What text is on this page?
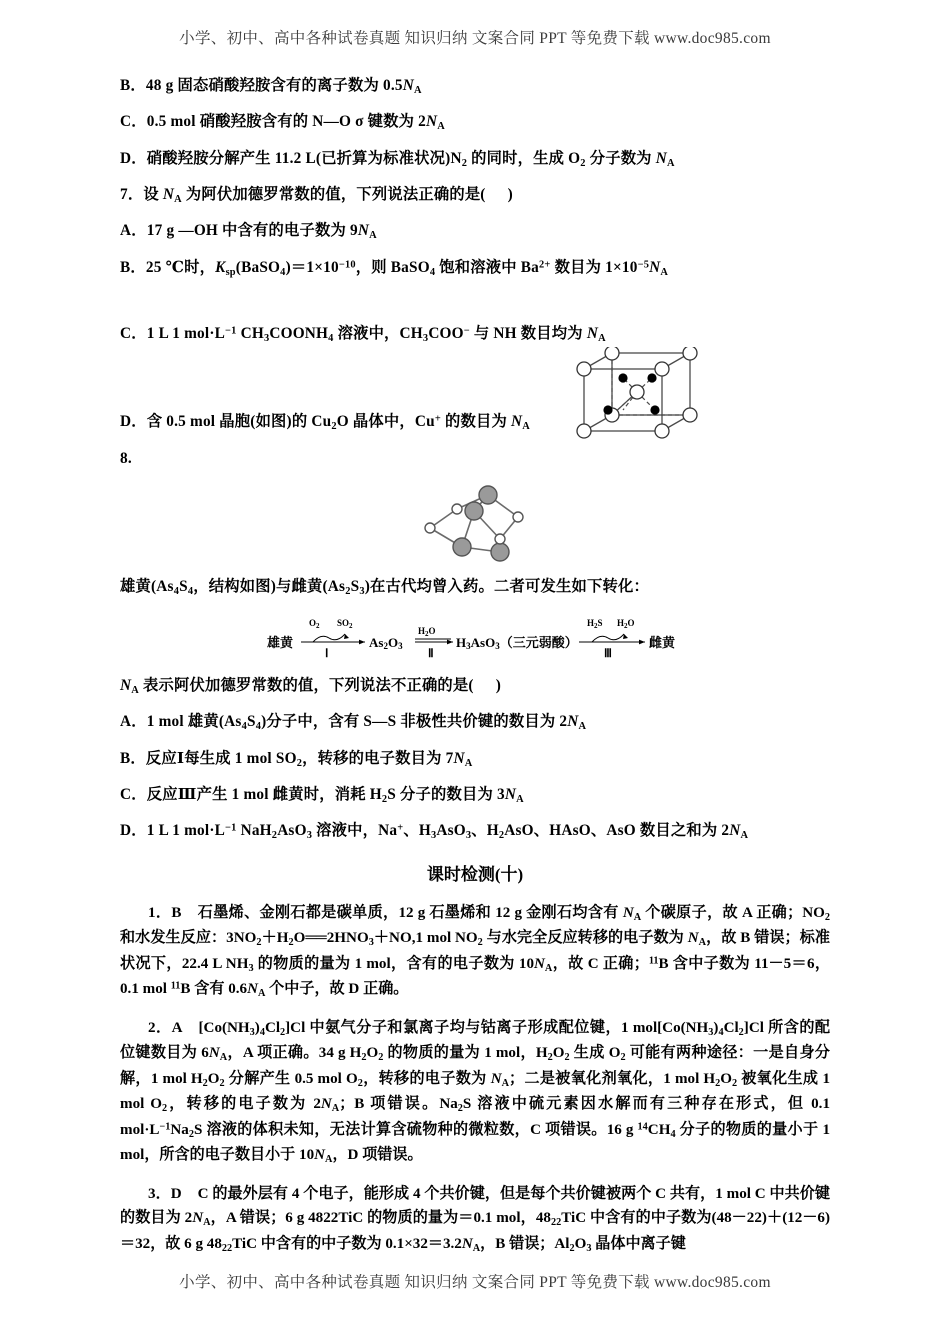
小学、初中、高中各种试卷真题 知识归纳 文案合同 PPT 等免费下载 www.doc985.com

B．48 g 固态硝酸羟胺含有的离子数为 $0.5N_A$

C．0.5 mol 硝酸羟胺含有的 N—O σ 键数为 $2N_A$

D．硝酸羟胺分解产生 11.2 L(已折算为标准状况)$N_2$ 的同时，生成 $O_2$ 分子数为 $N_A$

7．设 $N_A$ 为阿伏加德罗常数的值，下列说法正确的是( )

A．17 g —OH 中含有的电子数为 $9N_A$

B．25 ℃时，$K_{sp}(BaSO_4)=1\times 10^{-10}$，则 BaSO$_4$ 饱和溶液中 $Ba^{2+}$ 数目为 $1\times 10^{-5}N_A$

C．1 L 1 $mol\cdot L^{-1}$ $CH_3COONH_4$ 溶液中，$CH_3COO^-$ 与 NH 数目均为 $N_A$

D．含 0.5 mol 晶胞(如图)的 $Cu_2O$ 晶体中，Cu+ 的数目为 $N_A$

8.

雄黄($As_4S_4$，结构如图)与雌黄$(As_2S_3)$在古代均曾入药。二者可发生如下转化：

雄黄
$O_2$ $SO_2$
Ⅰ
As2O3
$H_2O$
Ⅱ
H3AsO3（三元弱酸）
$H_2S$ $H_2O$
Ⅲ
雌黄

$N_A$ 表示阿伏加德罗常数的值，下列说法不正确的是( )

A．1 mol 雄黄$(As_4S_4)$分子中，含有 S—S 非极性共价键的数目为 $2N_A$

B．反应Ⅰ每生成 1 mol $SO_2$，转移的电子数目为 $7N_A$

C．反应Ⅲ产生 1 mol 雌黄时，消耗 $H_2S$ 分子的数目为 $3N_A$

D．1 L 1 $mol\cdot L^{-1}$ NaH$_2$AsO$_3$ 溶液中，Na+、$H_3AsO_3$、$H_2AsO$、HAsO、AsO 数目之和为 $2N_A$

课时检测(十)

1．B 石墨烯、金刚石都是碳单质，12 g 石墨烯和 12 g 金刚石均含有 $N_A$ 个碳原子，故 A 正确；$NO_2$ 和水发生反应：$3NO_2+H_2O══2HNO_3+NO,1$ mol $NO_2$ 与水完全反应转移的电子数为 $N_A$，故 B 错误；标准状况下，22.4 L $NH_3$ 的物质的量为 1 mol，含有的电子数为 $10N_A$，故 C 正确；$^{11}$B 含中子数为 11－5＝6，0.1 mol $^{11}$B 含有 $0.6N_A$ 个中子，故 D 正确。

2．A $[Co(NH_3)_4Cl_2]Cl$ 中氨气分子和氯离子均与钴离子形成配位键，1 $mol[Co(NH_3)_4Cl_2]Cl$ 所含的配位键数目为 $6N_A$，A 项正确。34 g $H_2O_2$ 的物质的量为 1 mol，$H_2O_2$ 生成 $O_2$ 可能有两种途径：一是自身分解，1 mol $H_2O_2$ 分解产生 0.5 mol $O_2$，转移的电子数为 $N_A$；二是被氧化剂氧化，1 mol $H_2O_2$ 被氧化生成 1 mol $O_2$，转移的电子数为 $2N_A$；B 项错误。$Na_2S$ 溶液中硫元素因水解而有三种存在形式，但 0.1 $mol\cdot L^{-1}Na_2S$ 溶液的体积未知，无法计算含硫物种的微粒数，C 项错误。16 g $^{14}CH_4$ 分子的物质的量小于 1 mol，所含的电子数目小于 $10N_A$，D 项错误。

3．D C 的最外层有 4 个电子，能形成 4 个共价键，但是每个共价键被两个 C 共有，1 mol C 中共价键的数目为 $2N_A$，A 错误；6 g 4822TiC 的物质的量为＝0.1 mol，$48_{22}TiC$ 中含有的中子数为(48－22)＋(12－6)＝32，故 6 g $48_{22}TiC$ 中含有的中子数为 $0.1\times 32=3.2N_A$，B 错误；$Al_2O_3$ 晶体中离子键

小学、初中、高中各种试卷真题 知识归纳 文案合同 PPT 等免费下载 www.doc985.com
